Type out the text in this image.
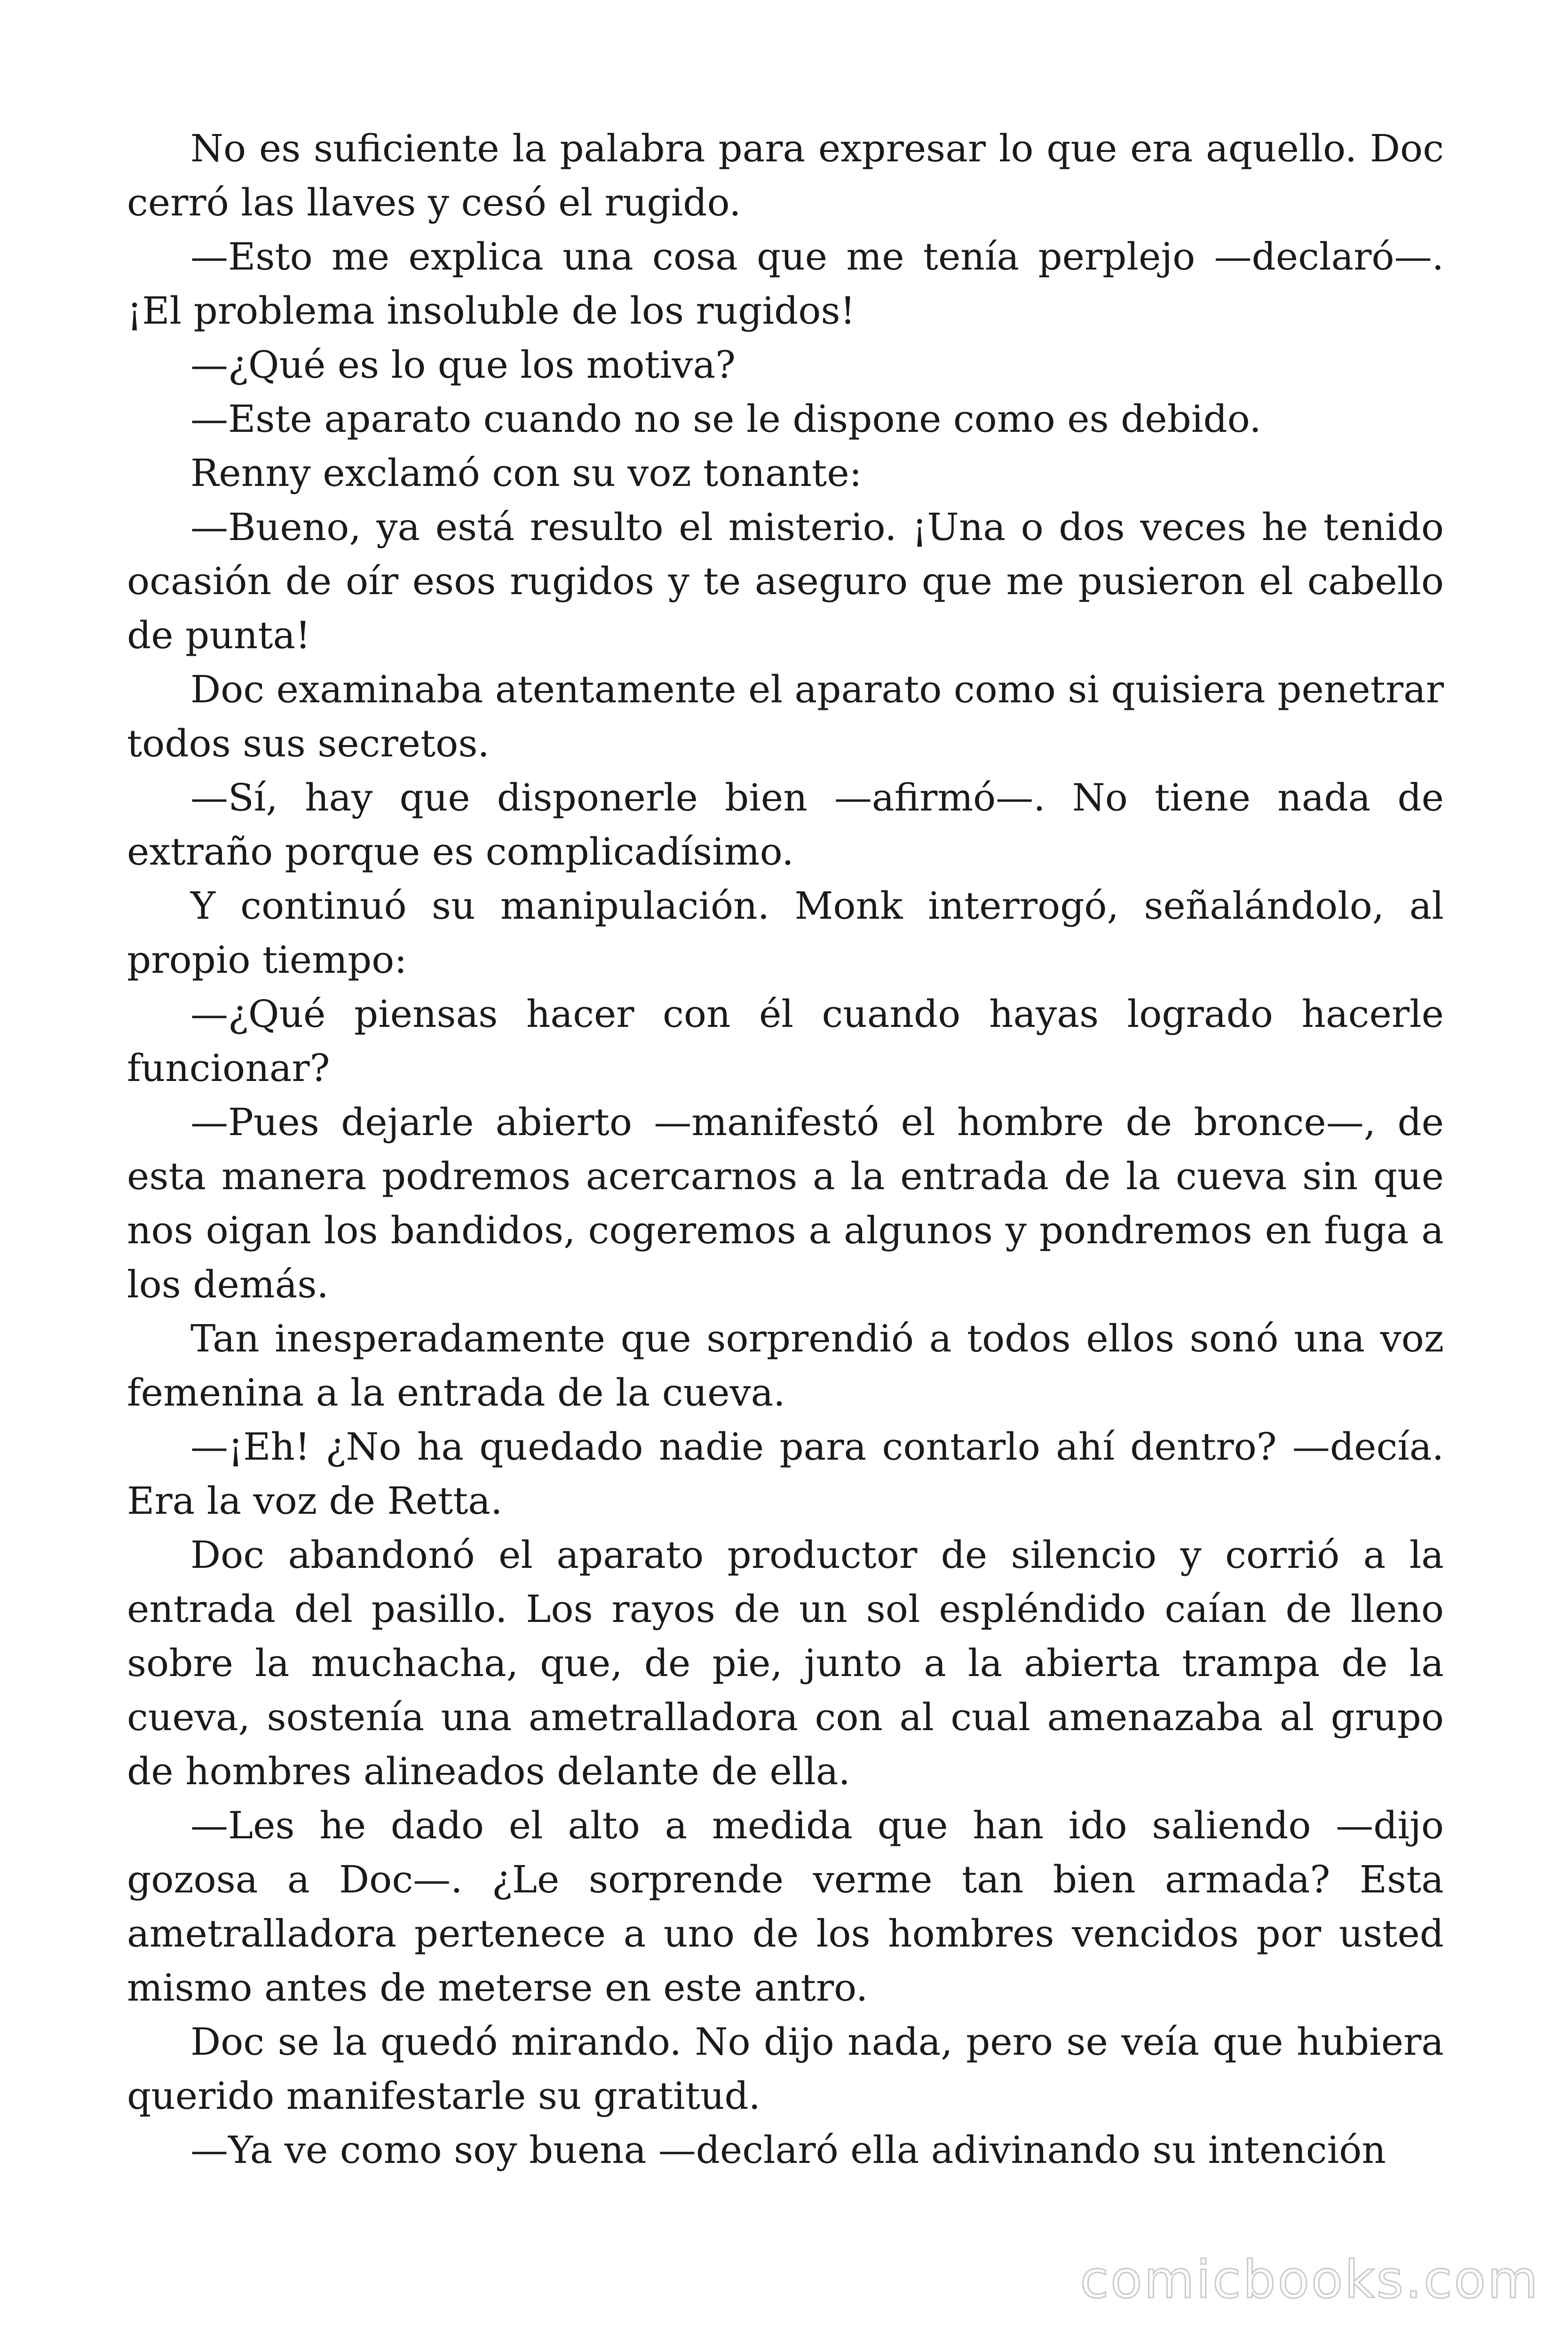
No es suficiente la palabra para expresar lo que era aquello. Doc cerró las llaves y cesó el rugido.

—Esto me explica una cosa que me tenía perplejo —declaró—. ¡El problema insoluble de los rugidos!

—¿Qué es lo que los motiva?

—Este aparato cuando no se le dispone como es debido.

Renny exclamó con su voz tonante:

—Bueno, ya está resulto el misterio. ¡Una o dos veces he tenido ocasión de oír esos rugidos y te aseguro que me pusieron el cabello de punta!

Doc examinaba atentamente el aparato como si quisiera penetrar todos sus secretos.

—Sí, hay que disponerle bien —afirmó—. No tiene nada de extraño porque es complicadísimo.

Y continuó su manipulación. Monk interrogó, señalándolo, al propio tiempo:

—¿Qué piensas hacer con él cuando hayas logrado hacerle funcionar?

—Pues dejarle abierto —manifestó el hombre de bronce—, de esta manera podremos acercarnos a la entrada de la cueva sin que nos oigan los bandidos, cogeremos a algunos y pondremos en fuga a los demás.

Tan inesperadamente que sorprendió a todos ellos sonó una voz femenina a la entrada de la cueva.

—¡Eh! ¿No ha quedado nadie para contarlo ahí dentro? —decía. Era la voz de Retta.

Doc abandonó el aparato productor de silencio y corrió a la entrada del pasillo. Los rayos de un sol espléndido caían de lleno sobre la muchacha, que, de pie, junto a la abierta trampa de la cueva, sostenía una ametralladora con al cual amenazaba al grupo de hombres alineados delante de ella.

—Les he dado el alto a medida que han ido saliendo —dijo gozosa a Doc—. ¿Le sorprende verme tan bien armada? Esta ametralladora pertenece a uno de los hombres vencidos por usted mismo antes de meterse en este antro.

Doc se la quedó mirando. No dijo nada, pero se veía que hubiera querido manifestarle su gratitud.

—Ya ve como soy buena —declaró ella adivinando su intención

comicbooks.com
